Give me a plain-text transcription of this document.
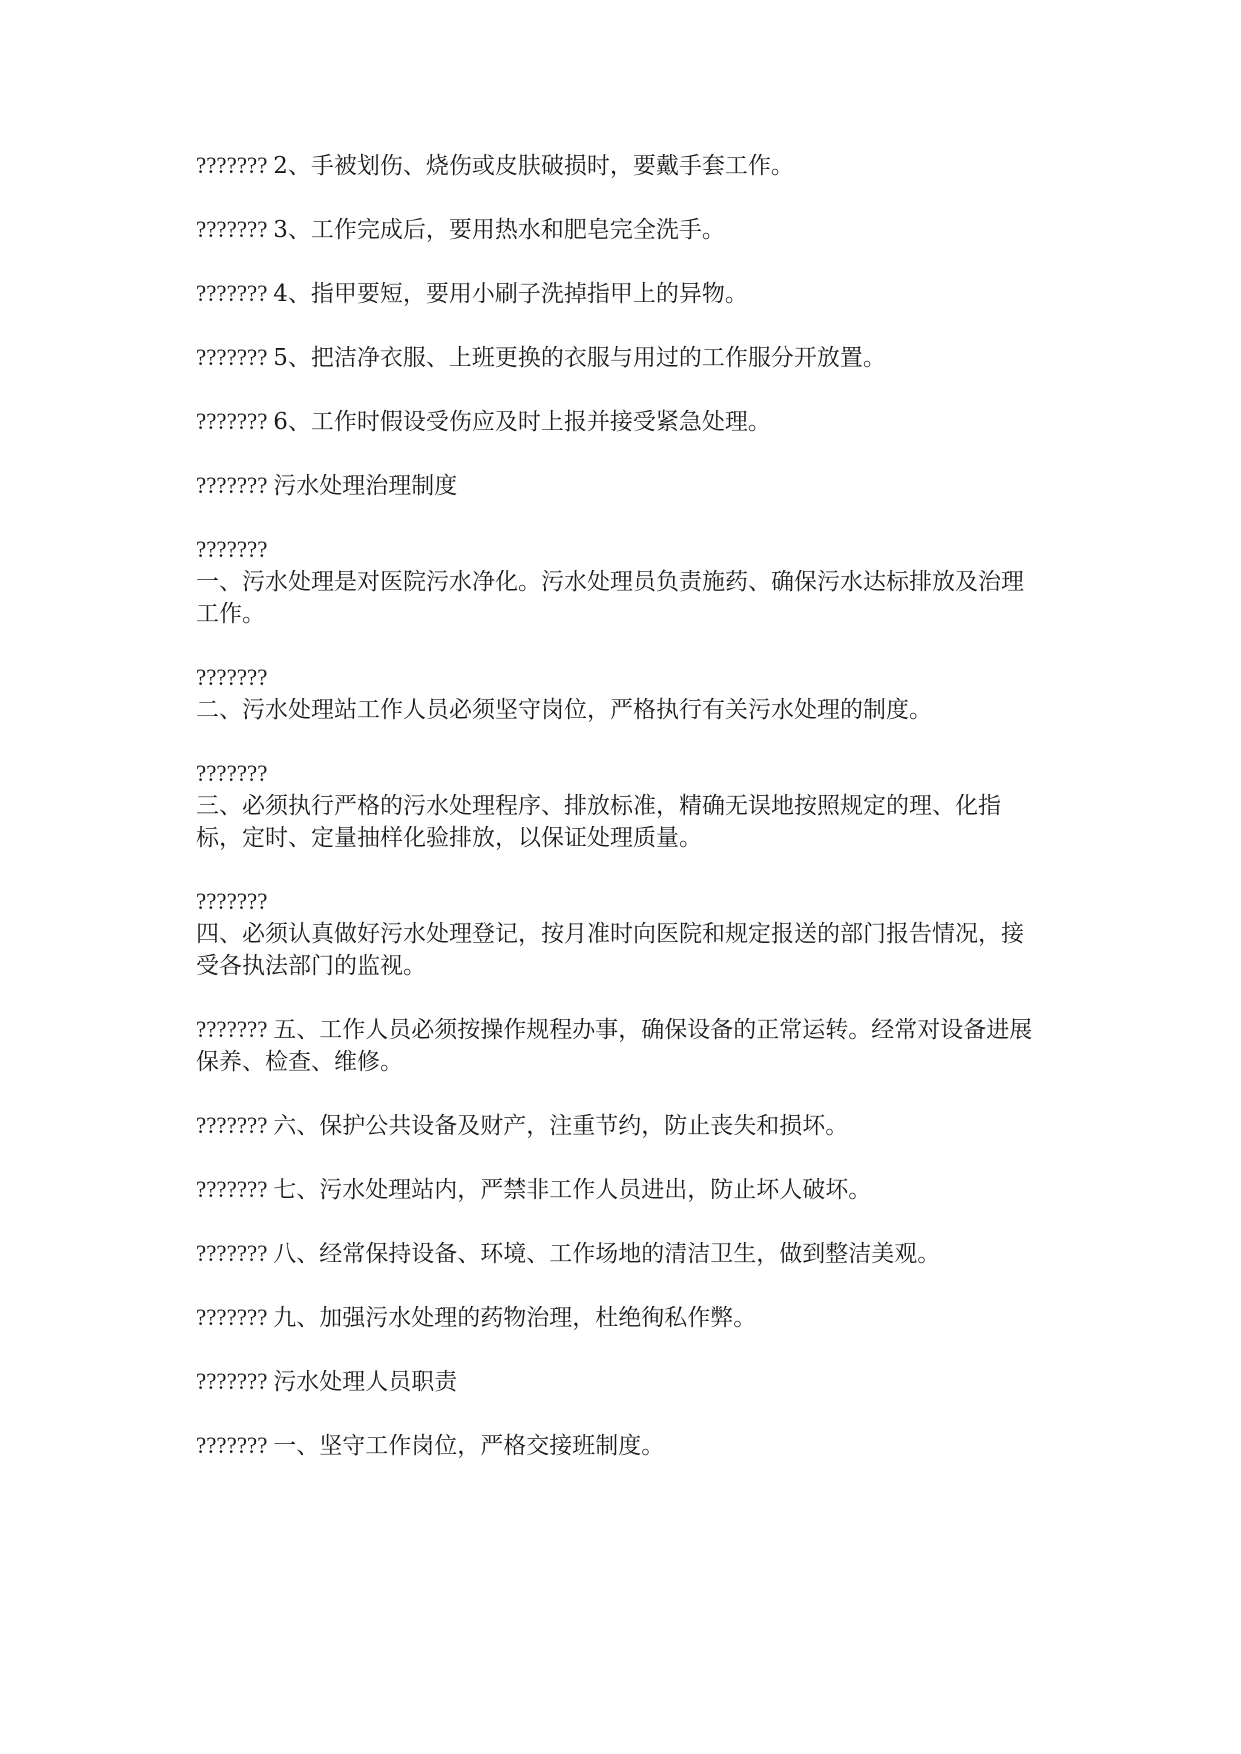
??????? 2、手被划伤、烧伤或皮肤破损时，要戴手套工作。

??????? 3、工作完成后，要用热水和肥皂完全洗手。

??????? 4、指甲要短，要用小刷子洗掉指甲上的异物。

??????? 5、把洁净衣服、上班更换的衣服与用过的工作服分开放置。

??????? 6、工作时假设受伤应及时上报并接受紧急处理。

??????? 污水处理治理制度

???????
一、污水处理是对医院污水净化。污水处理员负责施药、确保污水达标排放及治理工作。

???????
二、污水处理站工作人员必须坚守岗位，严格执行有关污水处理的制度。

???????
三、必须执行严格的污水处理程序、排放标准，精确无误地按照规定的理、化指标，定时、定量抽样化验排放，以保证处理质量。

???????
四、必须认真做好污水处理登记，按月准时向医院和规定报送的部门报告情况，接受各执法部门的监视。

??????? 五、工作人员必须按操作规程办事，确保设备的正常运转。经常对设备进展保养、检查、维修。

??????? 六、保护公共设备及财产，注重节约，防止丧失和损坏。

??????? 七、污水处理站内，严禁非工作人员进出，防止坏人破坏。

??????? 八、经常保持设备、环境、工作场地的清洁卫生，做到整洁美观。

??????? 九、加强污水处理的药物治理，杜绝徇私作弊。

??????? 污水处理人员职责

??????? 一、坚守工作岗位，严格交接班制度。
